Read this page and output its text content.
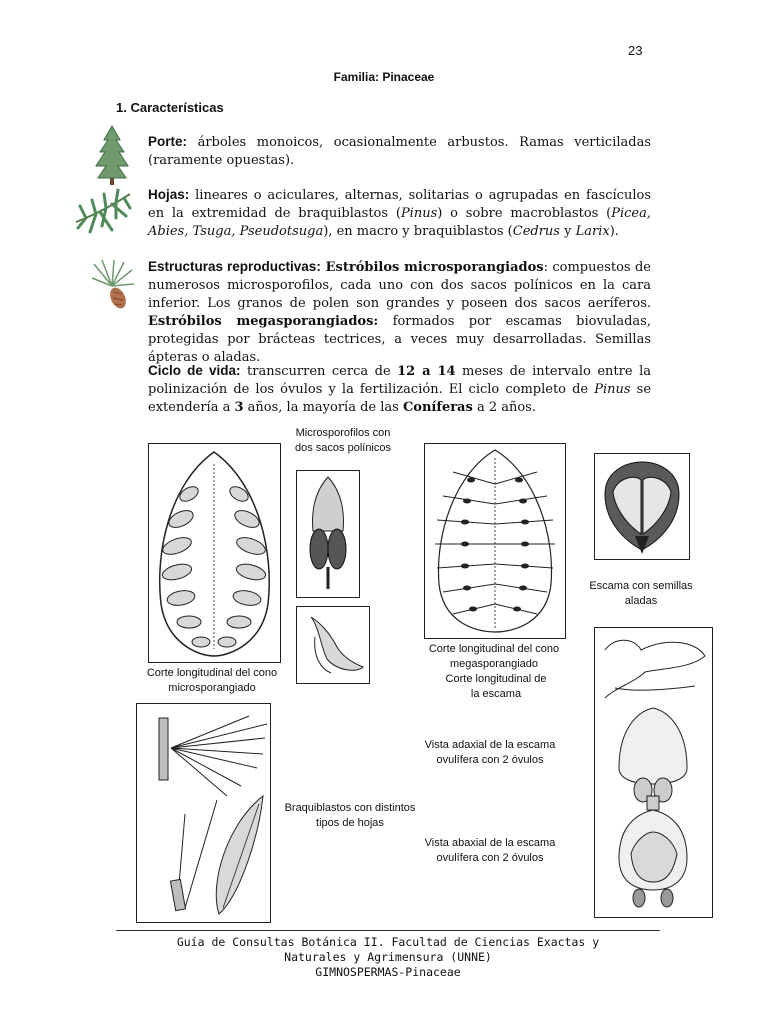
23
Familia: Pinaceae
1. Características
Porte: árboles monoicos, ocasionalmente arbustos. Ramas verticiladas (raramente opuestas).
Hojas: lineares o aciculares, alternas, solitarias o agrupadas en fascículos en la extremidad de braquiblastos (Pinus) o sobre macroblastos (Picea, Abies, Tsuga, Pseudotsuga), en macro y braquiblastos (Cedrus y Larix).
Estructuras reproductivas: Estróbilos microsporangiados: compuestos de numerosos microsporofilos, cada uno con dos sacos polínicos en la cara inferior. Los granos de polen son grandes y poseen dos sacos aeríferos. Estróbilos megasporangiados: formados por escamas biovuladas, protegidas por brácteas tectrices, a veces muy desarrolladas. Semillas ápteras o aladas.
Ciclo de vida: transcurren cerca de 12 a 14 meses de intervalo entre la polinización de los óvulos y la fertilización. El ciclo completo de Pinus se extendería a 3 años, la mayoría de las Coníferas a 2 años.
Corte longitudinal del cono microsporangiado
Microsporofilos con dos sacos polínicos
Corte longitudinal del cono megasporangiado
Escama con semillas aladas
Braquiblastos con distintos tipos de hojas
Corte longitudinal de la escama
Vista adaxial de la escama ovulífera con 2 óvulos
Vista abaxial de la escama ovulífera con 2 óvulos
Guía de Consultas Botánica II. Facultad de Ciencias Exactas y
Naturales y Agrimensura (UNNE)
GIMNOSPERMAS-Pinaceae
